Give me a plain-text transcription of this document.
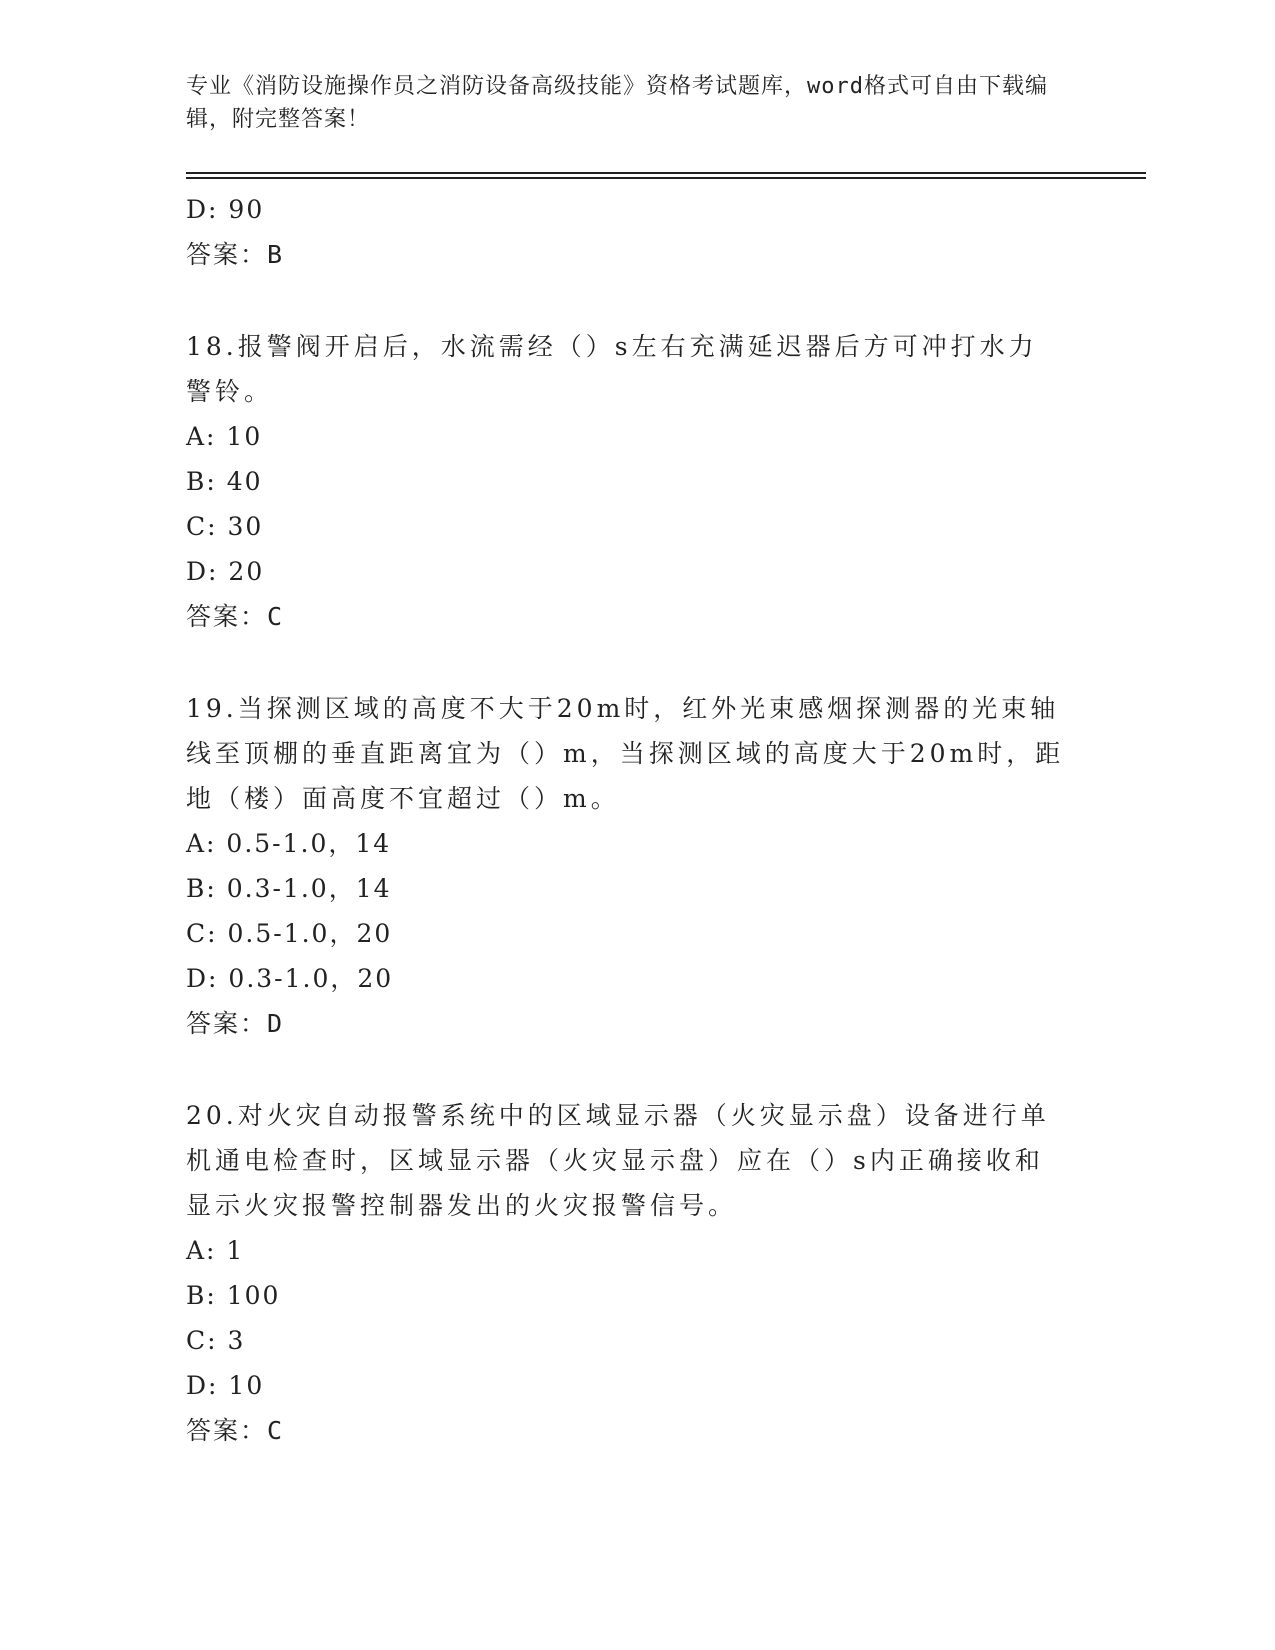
专业《消防设施操作员之消防设备高级技能》资格考试题库，word格式可自由下载编辑，附完整答案！

D: 90

答案：B

18.报警阀开启后，水流需经（）s左右充满延迟器后方可冲打水力警铃。

A: 10

B: 40

C: 30

D: 20

答案：C

19.当探测区域的高度不大于20m时，红外光束感烟探测器的光束轴线至顶棚的垂直距离宜为（）m，当探测区域的高度大于20m时，距地（楼）面高度不宜超过（）m。

A: 0.5-1.0，14

B: 0.3-1.0，14

C: 0.5-1.0，20

D: 0.3-1.0，20

答案：D

20.对火灾自动报警系统中的区域显示器（火灾显示盘）设备进行单机通电检查时，区域显示器（火灾显示盘）应在（）s内正确接收和显示火灾报警控制器发出的火灾报警信号。

A: 1

B: 100

C: 3

D: 10

答案：C
